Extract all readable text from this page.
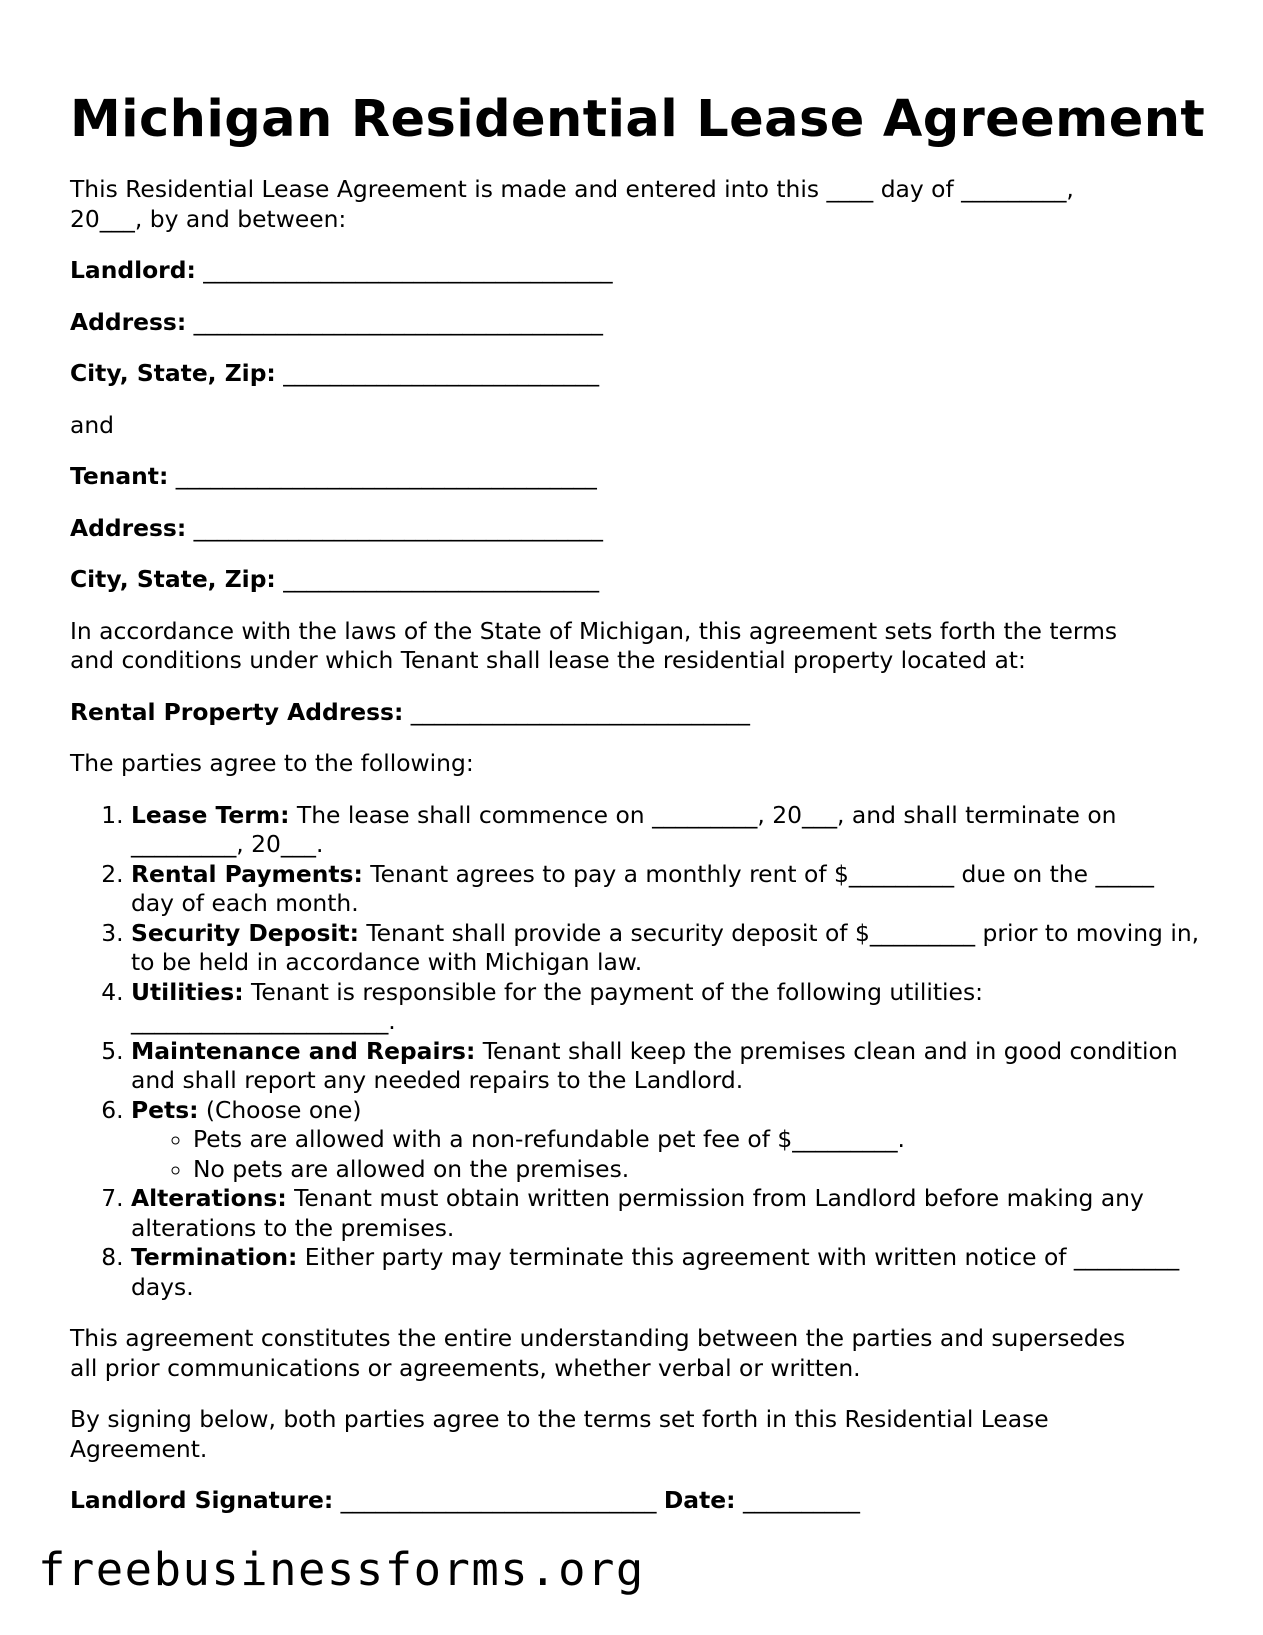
Michigan Residential Lease Agreement

This Residential Lease Agreement is made and entered into this ____ day of _________,
20___, by and between:

Landlord: ___________________________________

Address: ___________________________________

City, State, Zip: ___________________________

and

Tenant: ____________________________________

Address: ___________________________________

City, State, Zip: ___________________________

In accordance with the laws of the State of Michigan, this agreement sets forth the terms
and conditions under which Tenant shall lease the residential property located at:

Rental Property Address: _____________________________

The parties agree to the following:

1. Lease Term: The lease shall commence on _________, 20___, and shall terminate on _________, 20___.
2. Rental Payments: Tenant agrees to pay a monthly rent of $_________ due on the _____ day of each month.
3. Security Deposit: Tenant shall provide a security deposit of $_________ prior to moving in, to be held in accordance with Michigan law.
4. Utilities: Tenant is responsible for the payment of the following utilities: ______________________.
5. Maintenance and Repairs: Tenant shall keep the premises clean and in good condition and shall report any needed repairs to the Landlord.
6. Pets: (Choose one)
◦ Pets are allowed with a non-refundable pet fee of $_________.
◦ No pets are allowed on the premises.
7. Alterations: Tenant must obtain written permission from Landlord before making any alterations to the premises.
8. Termination: Either party may terminate this agreement with written notice of _________ days.

This agreement constitutes the entire understanding between the parties and supersedes
all prior communications or agreements, whether verbal or written.

By signing below, both parties agree to the terms set forth in this Residential Lease
Agreement.

Landlord Signature: ___________________________ Date: __________

freebusinessforms.org
